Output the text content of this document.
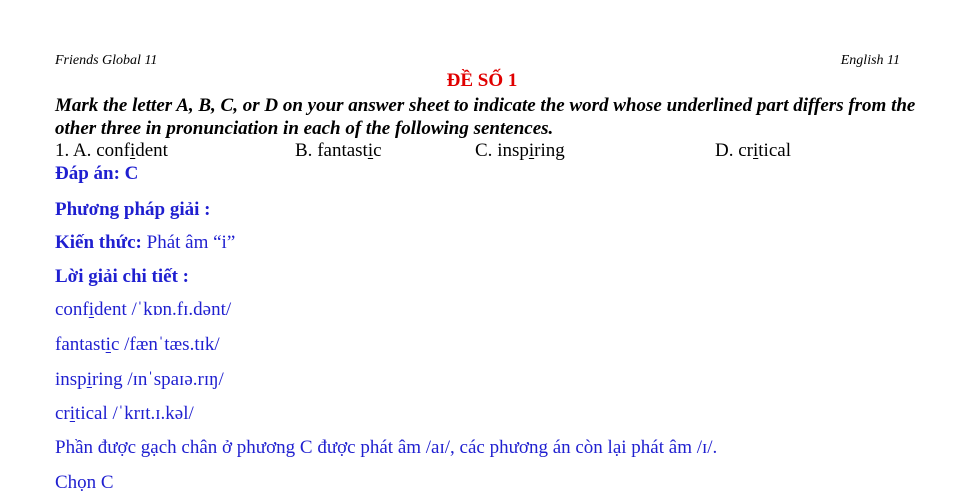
Friends Global 11	English 11
ĐỀ SỐ 1
Mark the letter A, B, C, or D on your answer sheet to indicate the word whose underlined part differs from the other three in pronunciation in each of the following sentences.
1. A. confident	B. fantastic	C. inspiring	D. critical
Đáp án: C
Phương pháp giải :
Kiến thức: Phát âm “i”
Lời giải chi tiết :
confident /ˈkɒn.fɪ.dənt/
fantastic /fænˈtæs.tɪk/
inspiring /ɪnˈspaɪə.rɪŋ/
critical /ˈkrɪt.ɪ.kəl/
Phần được gạch chân ở phương C được phát âm /aɪ/, các phương án còn lại phát âm /ɪ/.
Chọn C
